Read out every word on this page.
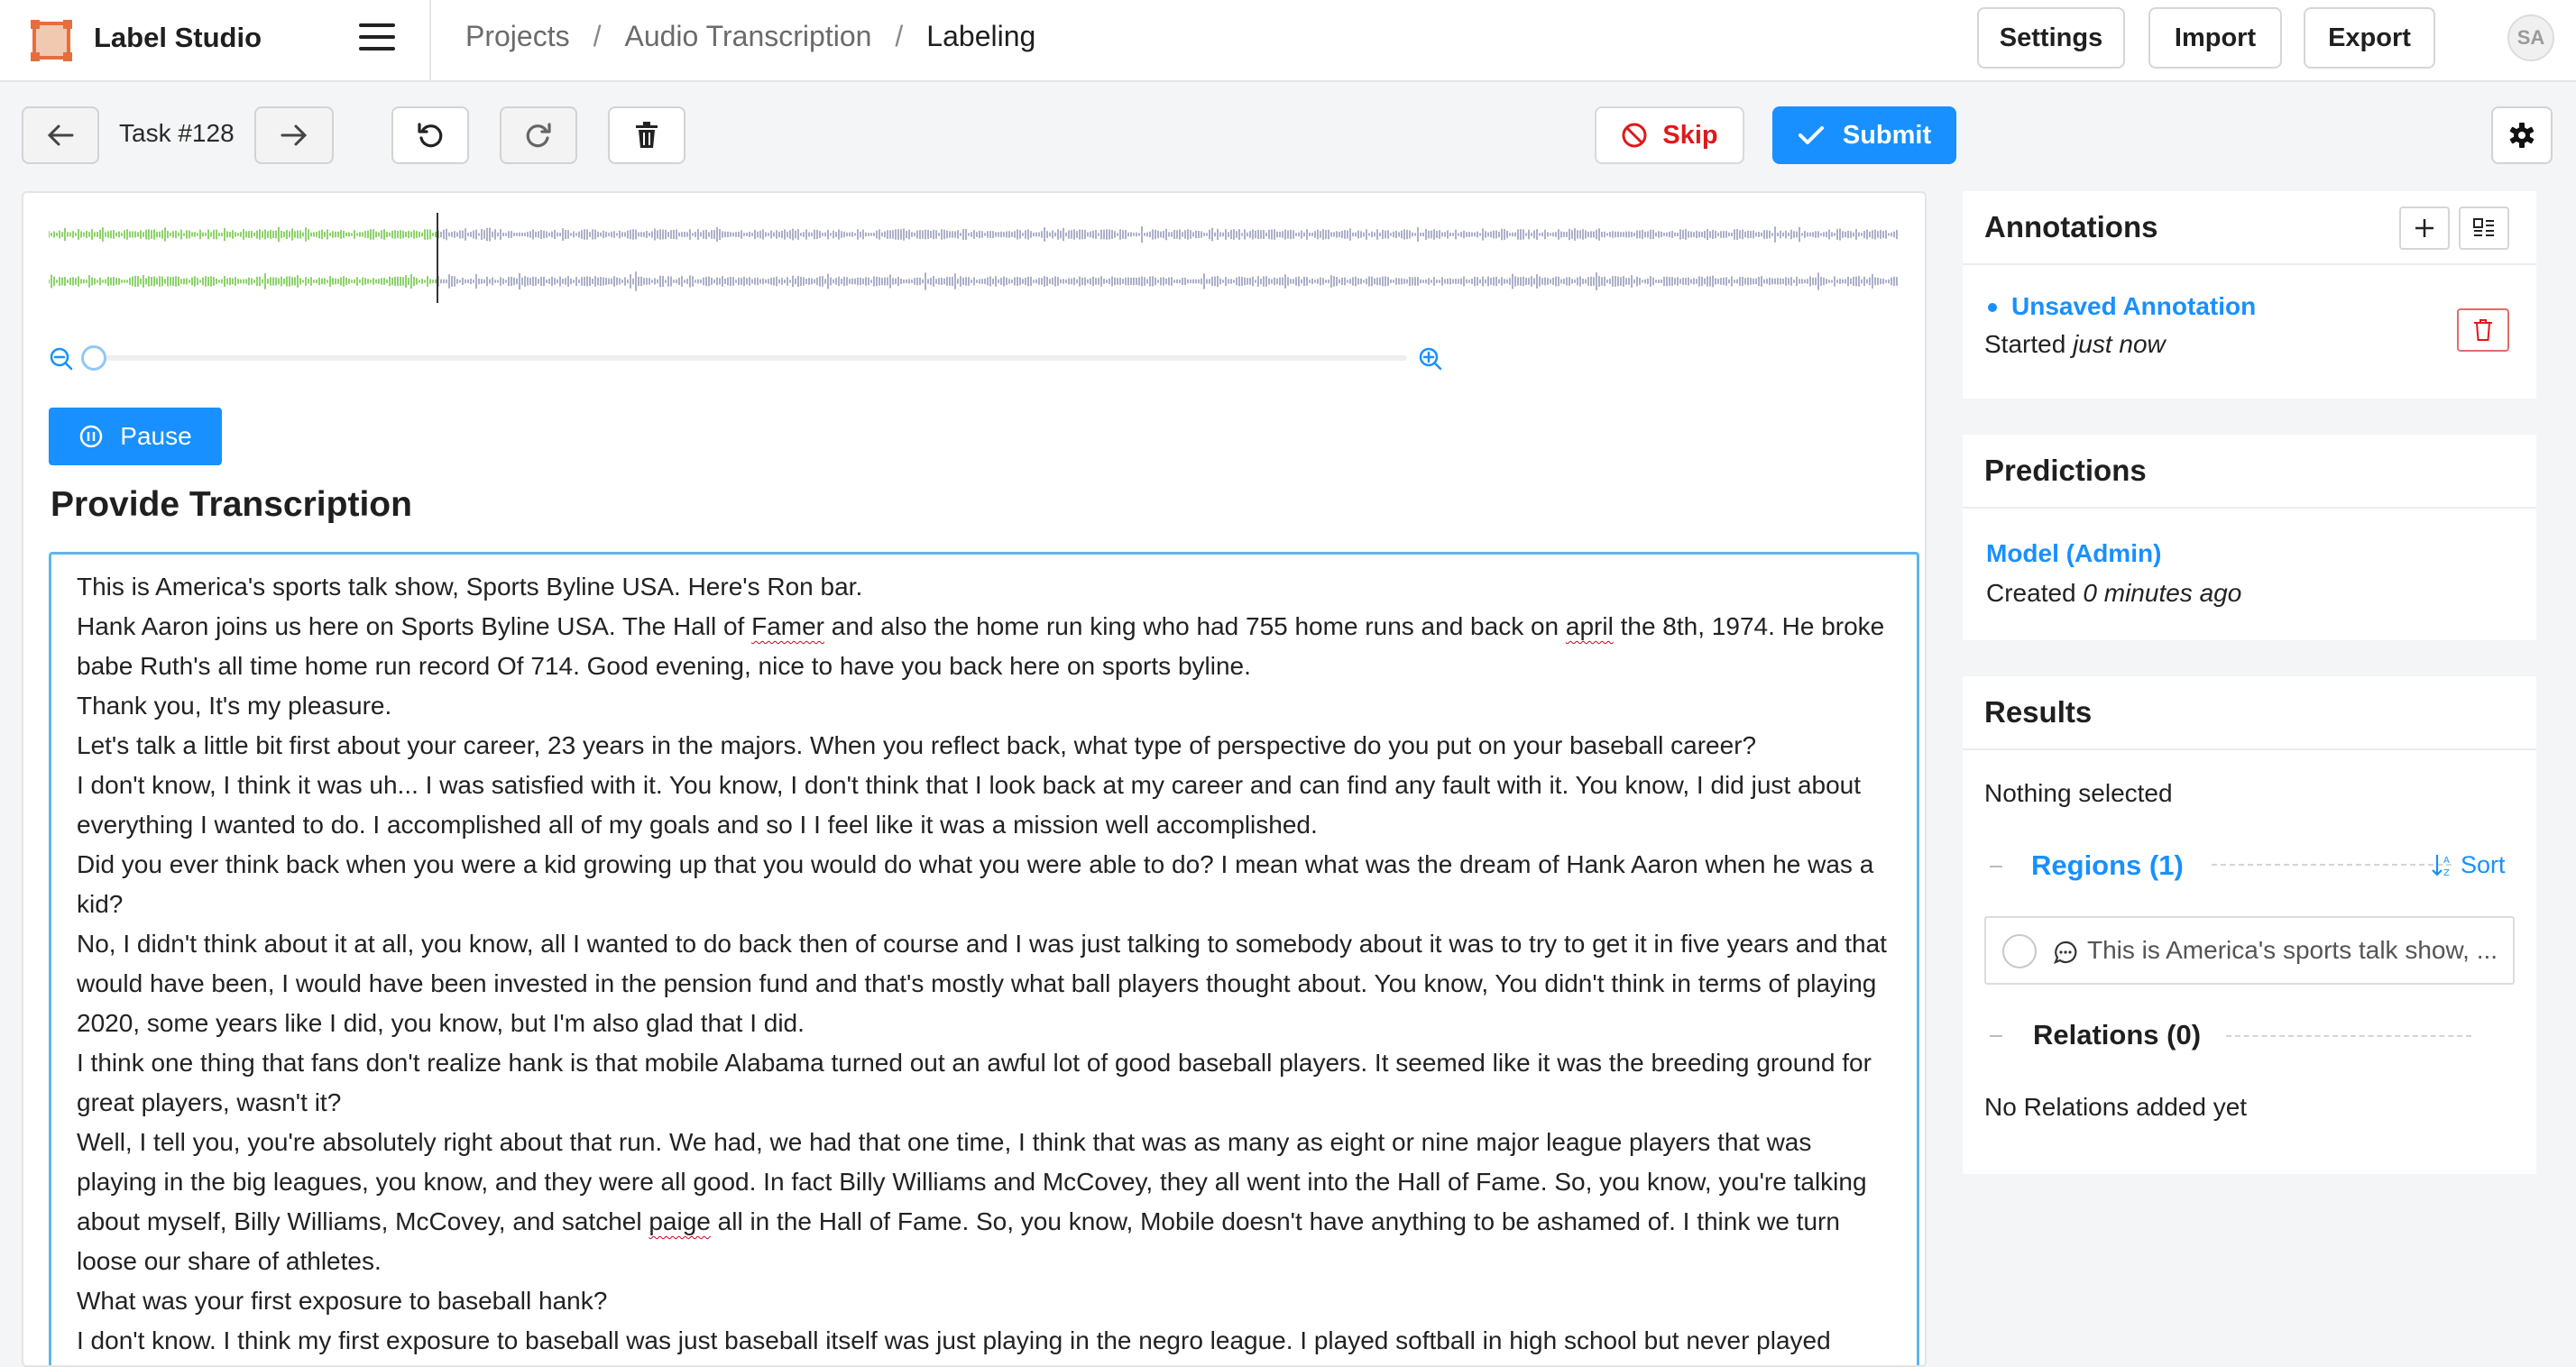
Label Studio	Projects / Audio Transcription / Labeling	Settings	Import	Export	SA
Task #128	Skip	Submit
Pause
Provide Transcription

This is America's sports talk show, Sports Byline USA. Here's Ron bar.

Hank Aaron joins us here on Sports Byline USA. The Hall of Famer and also the home run king who had 755 home runs and back on april the 8th, 1974. He broke babe Ruth's all time home run record Of 714. Good evening, nice to have you back here on sports byline.

Thank you, It's my pleasure.

Let's talk a little bit first about your career, 23 years in the majors. When you reflect back, what type of perspective do you put on your baseball career?

I don't know, I think it was uh... I was satisfied with it. You know, I don't think that I look back at my career and can find any fault with it. You know, I did just about everything I wanted to do. I accomplished all of my goals and so I I feel like it was a mission well accomplished.

Did you ever think back when you were a kid growing up that you would do what you were able to do? I mean what was the dream of Hank Aaron when he was a kid?

No, I didn't think about it at all, you know, all I wanted to do back then of course and I was just talking to somebody about it was to try to get it in five years and that would have been, I would have been invested in the pension fund and that's mostly what ball players thought about. You know, You didn't think in terms of playing 2020, some years like I did, you know, but I'm also glad that I did.

I think one thing that fans don't realize hank is that mobile Alabama turned out an awful lot of good baseball players. It seemed like it was the breeding ground for great players, wasn't it?

Well, I tell you, you're absolutely right about that run. We had, we had that one time, I think that was as many as eight or nine major league players that was playing in the big leagues, you know, and they were all good. In fact Billy Williams and McCovey, they all went into the Hall of Fame. So, you know, you're talking about myself, Billy Williams, McCovey, and satchel paige all in the Hall of Fame. So, you know, Mobile doesn't have anything to be ashamed of. I think we turn loose our share of athletes.

What was your first exposure to baseball hank?

I don't know. I think my first exposure to baseball was just baseball itself was just playing in the negro league. I played softball in high school but never played

Annotations
Unsaved Annotation
Started just now
Predictions
Model (Admin)
Created 0 minutes ago
Results
Nothing selected
Regions (1)	A
Z Sort
This is America's sports talk show, ...
Relations (0)
No Relations added yet
